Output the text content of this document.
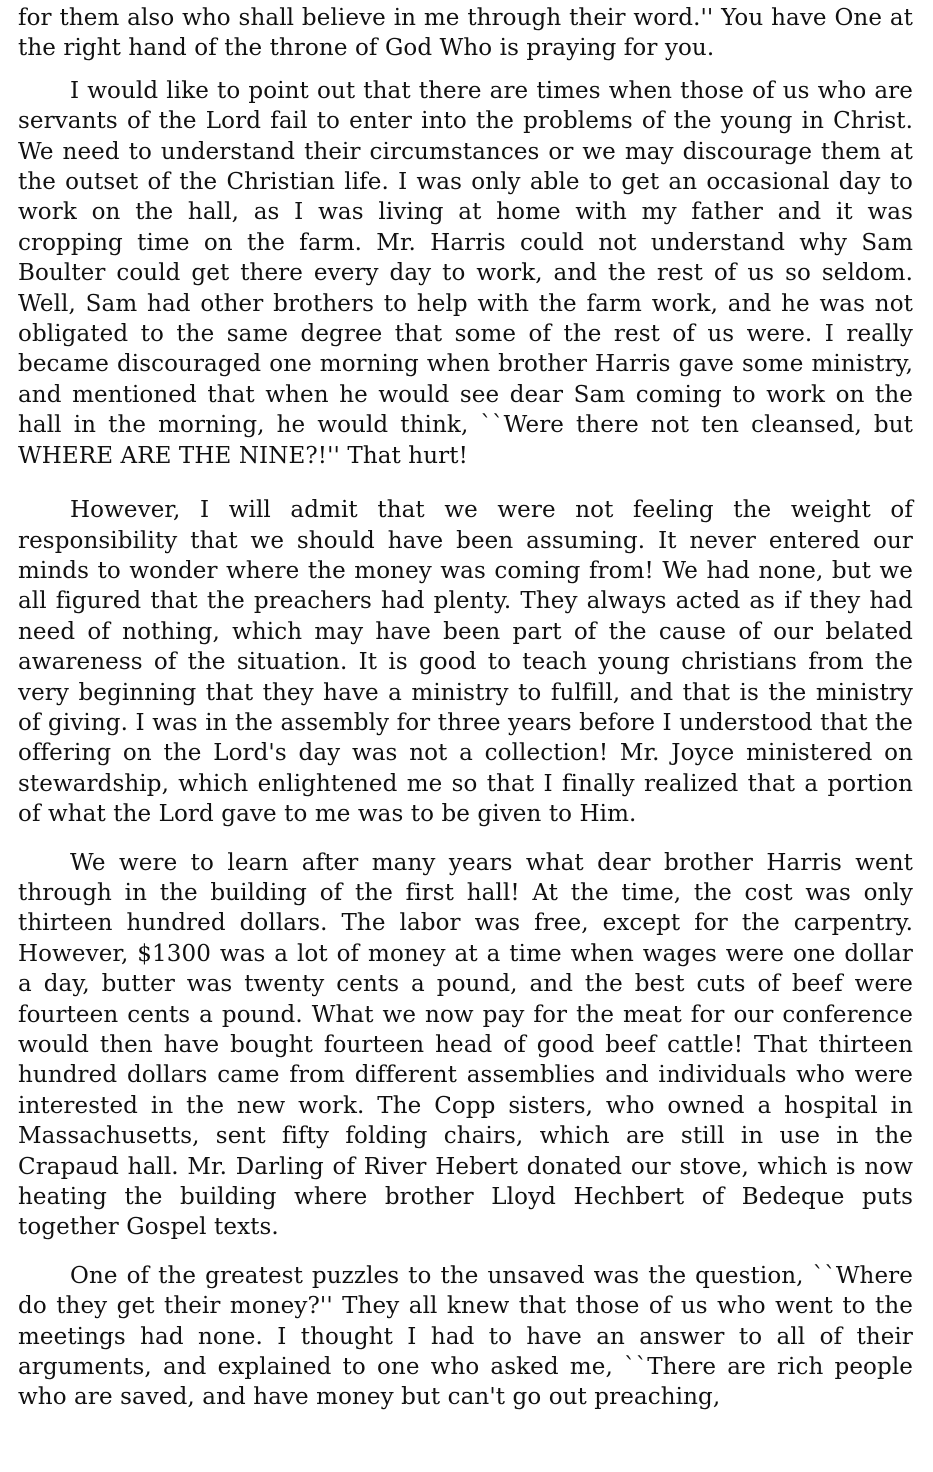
for them also who shall believe in me through their word.'' You have One at the right hand of the throne of God Who is praying for you.

I would like to point out that there are times when those of us who are servants of the Lord fail to enter into the problems of the young in Christ. We need to understand their circumstances or we may discourage them at the outset of the Christian life. I was only able to get an occasional day to work on the hall, as I was living at home with my father and it was cropping time on the farm. Mr. Harris could not understand why Sam Boulter could get there every day to work, and the rest of us so seldom. Well, Sam had other brothers to help with the farm work, and he was not obligated to the same degree that some of the rest of us were. I really became discouraged one morning when brother Harris gave some ministry, and mentioned that when he would see dear Sam coming to work on the hall in the morning, he would think, ``Were there not ten cleansed, but WHERE ARE THE NINE?!'' That hurt!

However, I will admit that we were not feeling the weight of responsibility that we should have been assuming. It never entered our minds to wonder where the money was coming from! We had none, but we all figured that the preachers had plenty. They always acted as if they had need of nothing, which may have been part of the cause of our belated awareness of the situation. It is good to teach young christians from the very beginning that they have a ministry to fulfill, and that is the ministry of giving. I was in the assembly for three years before I understood that the offering on the Lord's day was not a collection! Mr. Joyce ministered on stewardship, which enlightened me so that I finally realized that a portion of what the Lord gave to me was to be given to Him.

We were to learn after many years what dear brother Harris went through in the building of the first hall! At the time, the cost was only thirteen hundred dollars. The labor was free, except for the carpentry. However, $1300 was a lot of money at a time when wages were one dollar a day, butter was twenty cents a pound, and the best cuts of beef were fourteen cents a pound. What we now pay for the meat for our conference would then have bought fourteen head of good beef cattle! That thirteen hundred dollars came from different assemblies and individuals who were interested in the new work. The Copp sisters, who owned a hospital in Massachusetts, sent fifty folding chairs, which are still in use in the Crapaud hall. Mr. Darling of River Hebert donated our stove, which is now heating the building where brother Lloyd Hechbert of Bedeque puts together Gospel texts.

One of the greatest puzzles to the unsaved was the question, ``Where do they get their money?'' They all knew that those of us who went to the meetings had none. I thought I had to have an answer to all of their arguments, and explained to one who asked me, ``There are rich people who are saved, and have money but can't go out preaching,
